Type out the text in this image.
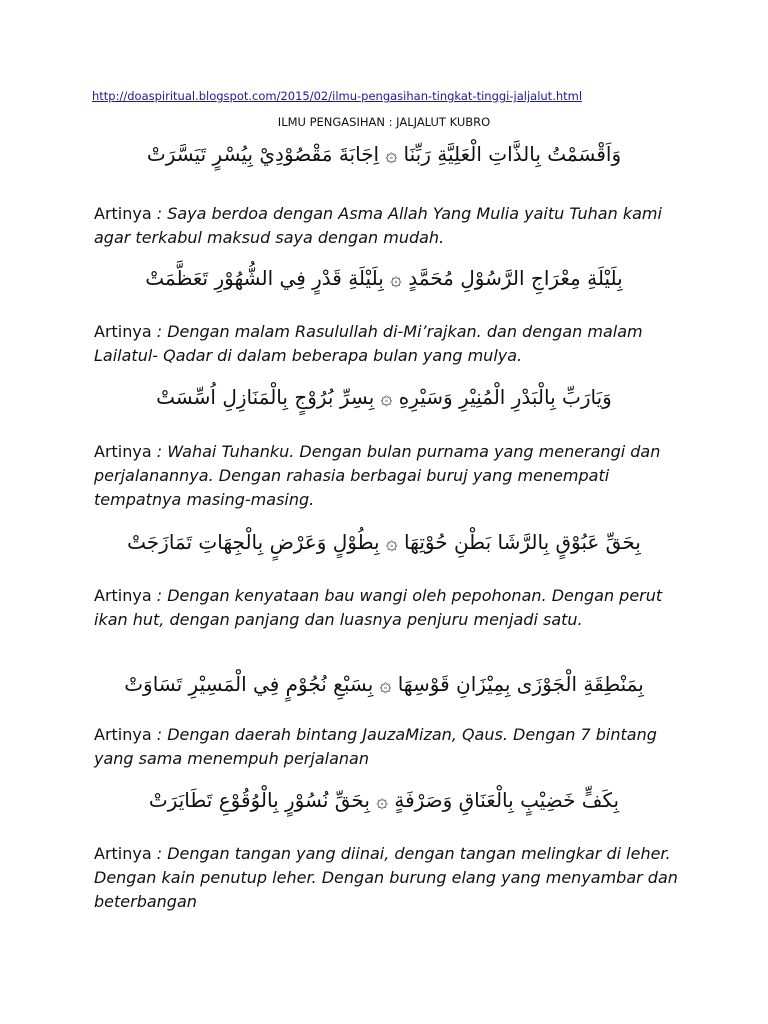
http://doaspiritual.blogspot.com/2015/02/ilmu-pengasihan-tingkat-tinggi-jaljalut.html
ILMU PENGASIHAN : JALJALUT KUBRO
وَاَقْسَمْتُ بِالذَّاتِ الْعَلِيَّةِ رَبِّنَا ۞ اِجَابَةَ مَقْصُوْدِيْ بِيُسْرٍ تَيَسَّرَتْ
Artinya : Saya berdoa dengan Asma Allah Yang Mulia yaitu Tuhan kami agar terkabul maksud saya dengan mudah.
بِلَيْلَةِ مِعْرَاجِ الرَّسُوْلِ مُحَمَّدٍ ۞ بِلَيْلَةِ قَدْرٍ فِي الشُّهُوْرِ تَعَظَّمَتْ
Artinya : Dengan malam Rasulullah di-Mi’rajkan. dan dengan malam Lailatul- Qadar di dalam beberapa bulan yang mulya.
وَيَارَبِّ بِالْبَدْرِ الْمُنِيْرِ وَسَيْرِهِ ۞ بِسِرِّ بُرُوْجٍ بِالْمَنَازِلِ اُسِّسَتْ
Artinya : Wahai Tuhanku. Dengan bulan purnama yang menerangi dan perjalanannya. Dengan rahasia berbagai buruj yang menempati tempatnya masing-masing.
بِحَقِّ عَبُوْقٍ بِالرَّشَا بَطْنِ حُوْتِهَا ۞ بِطُوْلٍ وَعَرْضٍ بِالْجِهَاتِ تَمَازَجَتْ
Artinya : Dengan kenyataan bau wangi oleh pepohonan. Dengan perut ikan hut, dengan panjang dan luasnya penjuru menjadi satu.
بِمَنْطِقَةِ الْجَوْزَى بِمِيْزَانِ قَوْسِهَا ۞ بِسَبْعِ نُجُوْمٍ فِي الْمَسِيْرِ تَسَاوَتْ
Artinya : Dengan daerah bintang JauzaMizan, Qaus. Dengan 7 bintang yang sama menempuh perjalanan
بِكَفٍّ خَضِيْبٍ بِالْعَنَاقِ وَصَرْفَةٍ ۞ بِحَقِّ نُسُوْرٍ بِالْوُقُوْعِ تَطَايَرَتْ
Artinya : Dengan tangan yang diinai, dengan tangan melingkar di leher. Dengan kain penutup leher. Dengan burung elang yang menyambar dan beterbangan
